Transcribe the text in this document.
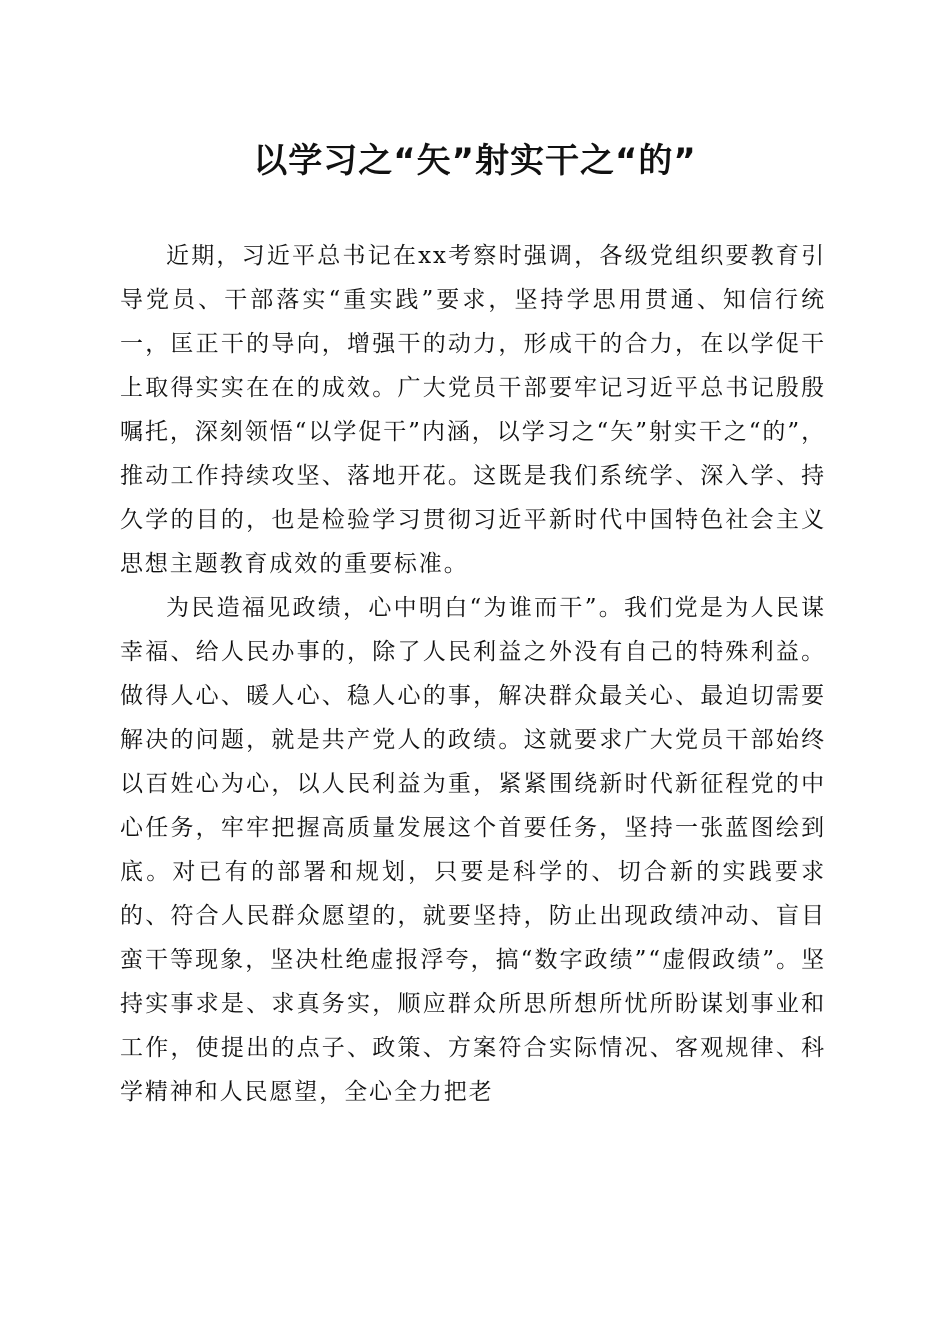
以学习之“矢”射实干之“的”

近期，习近平总书记在xx考察时强调，各级党组织要教育引导党员、干部落实“重实践”要求，坚持学思用贯通、知信行统一，匡正干的导向，增强干的动力，形成干的合力，在以学促干上取得实实在在的成效。广大党员干部要牢记习近平总书记殷殷嘱托，深刻领悟“以学促干”内涵，以学习之“矢”射实干之“的”，推动工作持续攻坚、落地开花。这既是我们系统学、深入学、持久学的目的，也是检验学习贯彻习近平新时代中国特色社会主义思想主题教育成效的重要标准。

为民造福见政绩，心中明白“为谁而干”。我们党是为人民谋幸福、给人民办事的，除了人民利益之外没有自己的特殊利益。做得人心、暖人心、稳人心的事，解决群众最关心、最迫切需要解决的问题，就是共产党人的政绩。这就要求广大党员干部始终以百姓心为心，以人民利益为重，紧紧围绕新时代新征程党的中心任务，牢牢把握高质量发展这个首要任务，坚持一张蓝图绘到底。对已有的部署和规划，只要是科学的、切合新的实践要求的、符合人民群众愿望的，就要坚持，防止出现政绩冲动、盲目蛮干等现象，坚决杜绝虚报浮夸，搞“数字政绩”“虚假政绩”。坚持实事求是、求真务实，顺应群众所思所想所忧所盼谋划事业和工作，使提出的点子、政策、方案符合实际情况、客观规律、科学精神和人民愿望，全心全力把老
